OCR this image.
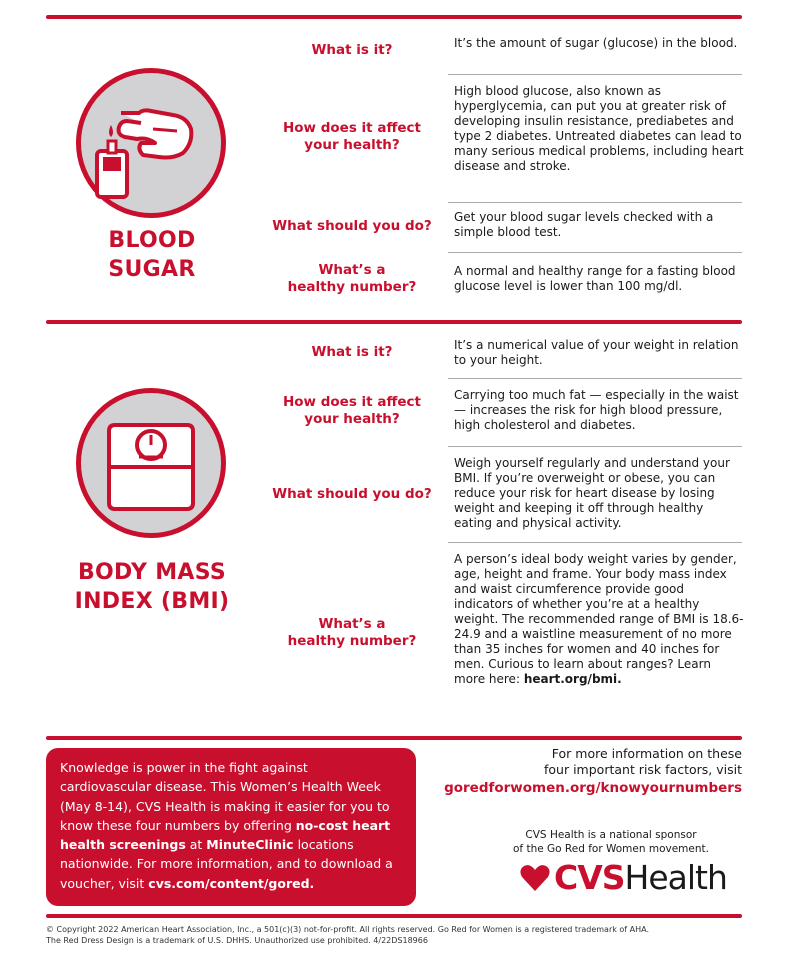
BLOOD
SUGAR
What is it?	It’s the amount of sugar (glucose) in the blood.
How does it affect
your health?
High blood glucose, also known as hyperglycemia, can put you at greater risk of developing insulin resistance, prediabetes and type 2 diabetes. Untreated diabetes can lead to many serious medical problems, including heart disease and stroke.
What should you do?
Get your blood sugar levels checked with a simple blood test.
What’s a
healthy number?
A normal and healthy range for a fasting blood glucose level is lower than 100 mg/dl.
BODY MASS
INDEX (BMI)
What is it?	It’s a numerical value of your weight in relation to your height.
How does it affect
your health?
Carrying too much fat — especially in the waist — increases the risk for high blood pressure, high cholesterol and diabetes.
What should you do?
Weigh yourself regularly and understand your BMI. If you’re overweight or obese, you can reduce your risk for heart disease by losing weight and keeping it off through healthy eating and physical activity.
What’s a
healthy number?
A person’s ideal body weight varies by gender, age, height and frame. Your body mass index and waist circumference provide good indicators of whether you’re at a healthy weight. The recommended range of BMI is 18.6-24.9 and a waistline measurement of no more than 35 inches for women and 40 inches for men. Curious to learn about ranges? Learn more here: heart.org/bmi.
Knowledge is power in the fight against cardiovascular disease. This Women’s Health Week (May 8-14), CVS Health is making it easier for you to know these four numbers by offering no-cost heart health screenings at MinuteClinic locations nationwide. For more information, and to download a voucher, visit cvs.com/content/gored.
For more information on these
four important risk factors, visit
goredforwomen.org/knowyournumbers
CVS Health is a national sponsor
of the Go Red for Women movement.
CVSHealth
© Copyright 2022 American Heart Association, Inc., a 501(c)(3) not-for-profit. All rights reserved. Go Red for Women is a registered trademark of AHA.
The Red Dress Design is a trademark of U.S. DHHS. Unauthorized use prohibited. 4/22DS18966
